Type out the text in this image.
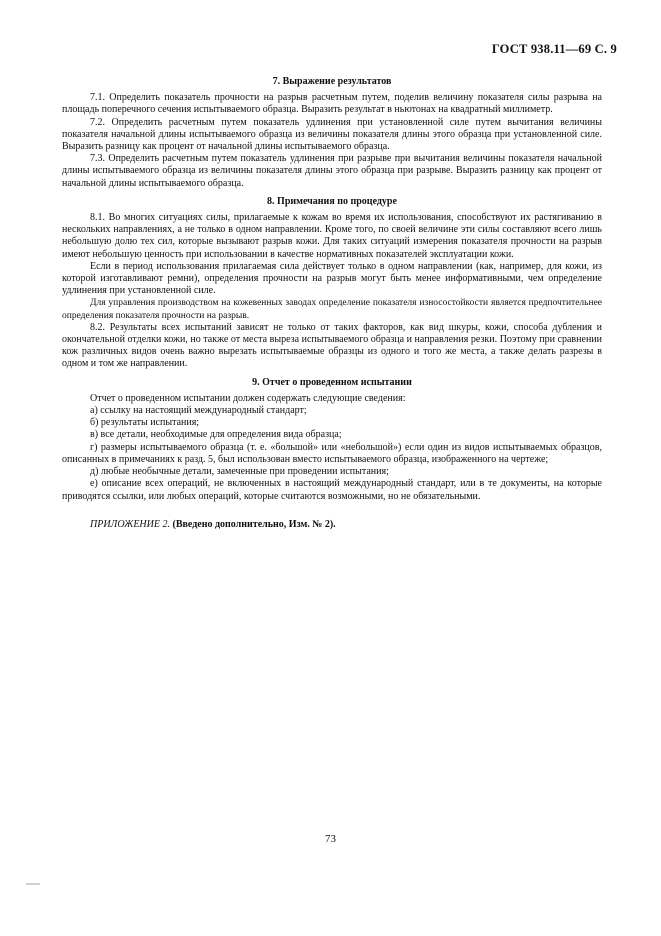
ГОСТ 938.11—69 С. 9
7. Выражение результатов

7.1. Определить показатель прочности на разрыв расчетным путем, поделив величину показателя силы разрыва на площадь поперечного сечения испытываемого образца. Выразить результат в ньютонах на квадратный миллиметр.

7.2. Определить расчетным путем показатель удлинения при установленной силе путем вычитания величины показателя начальной длины испытываемого образца из величины показателя длины этого образца при установленной силе. Выразить разницу как процент от начальной длины испытываемого образца.

7.3. Определить расчетным путем показатель удлинения при разрыве при вычитания величины показателя начальной длины испытываемого образца из величины показателя длины этого образца при разрыве. Выразить разницу как процент от начальной длины испытываемого образца.

8. Примечания по процедуре

8.1. Во многих ситуациях силы, прилагаемые к кожам во время их использования, способствуют их растягиванию в нескольких направлениях, а не только в одном направлении. Кроме того, по своей величине эти силы составляют всего лишь небольшую долю тех сил, которые вызывают разрыв кожи. Для таких ситуаций измерения показателя прочности на разрыв имеют небольшую ценность при использовании в качестве нормативных показателей эксплуатации кожи.

Если в период использования прилагаемая сила действует только в одном направлении (как, например, для кожи, из которой изготавливают ремни), определения прочности на разрыв могут быть менее информативными, чем определение удлинения при установленной силе.

Для управления производством на кожевенных заводах определение показателя износостойкости является предпочтительнее определения показателя прочности на разрыв.

8.2. Результаты всех испытаний зависят не только от таких факторов, как вид шкуры, кожи, способа дубления и окончательной отделки кожи, но также от места выреза испытываемого образца и направления резки. Поэтому при сравнении кож различных видов очень важно вырезать испытываемые образцы из одного и того же места, а также делать разрезы в одном и том же направлении.

9. Отчет о проведенном испытании

Отчет о проведенном испытании должен содержать следующие сведения:

а) ссылку на настоящий международный стандарт;

б) результаты испытания;

в) все детали, необходимые для определения вида образца;

г) размеры испытываемого образца (т. е. «большой» или «небольшой») если один из видов испытываемых образцов, описанных в примечаниях к разд. 5, был использован вместо испытываемого образца, изображенного на чертеже;

д) любые необычные детали, замеченные при проведении испытания;

е) описание всех операций, не включенных в настоящий международный стандарт, или в те документы, на которые приводятся ссылки, или любых операций, которые считаются возможными, но не обязательными.

ПРИЛОЖЕНИЕ 2. (Введено дополнительно, Изм. № 2).
73
